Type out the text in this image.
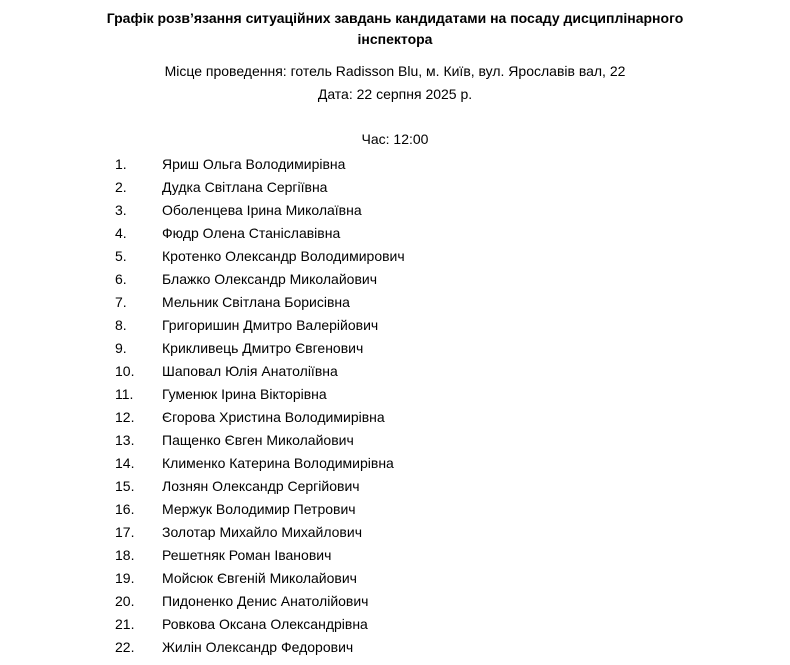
Графік розв’язання ситуаційних завдань кандидатами на посаду дисциплінарного інспектора
Місце проведення: готель Radisson Blu, м. Київ, вул. Ярославів вал, 22
Дата: 22 серпня 2025 р.
Час: 12:00
1.	Яриш Ольга Володимирівна
2.	Дудка Світлана Сергіївна
3.	Оболенцева Ірина Миколаївна
4.	Фюдр Олена Станіславівна
5.	Кротенко Олександр Володимирович
6.	Блажко Олександр Миколайович
7.	Мельник Світлана Борисівна
8.	Григоришин Дмитро Валерійович
9.	Крикливець Дмитро Євгенович
10. Шаповал Юлія Анатоліївна
11. Гуменюк Ірина Вікторівна
12. Єгорова Христина Володимирівна
13. Пащенко Євген Миколайович
14. Клименко Катерина Володимирівна
15. Лознян Олександр Сергійович
16. Мержук Володимир Петрович
17. Золотар Михайло Михайлович
18. Решетняк Роман Іванович
19. Мойсюк Євгеній Миколайович
20. Пидоненко Денис Анатолійович
21. Ровкова Оксана Олександрівна
22. Жилін Олександр Федорович
